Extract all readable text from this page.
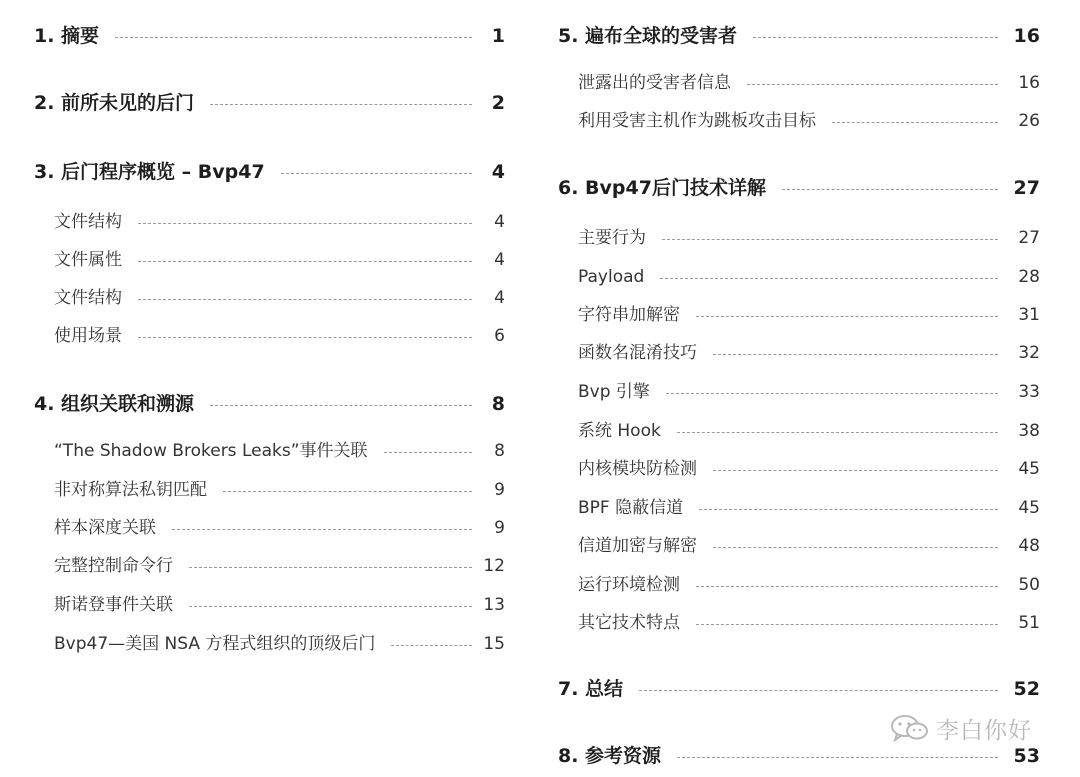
1. 摘要	1
2. 前所未见的后门	2
3. 后门程序概览 – Bvp47	4
文件结构	4
文件属性	4
文件结构	4
使用场景	6
4. 组织关联和溯源	8
“The Shadow Brokers Leaks”事件关联	8
非对称算法私钥匹配	9
样本深度关联	9
完整控制命令行	12
斯诺登事件关联	13
Bvp47—美国 NSA 方程式组织的顶级后门	15
5. 遍布全球的受害者	16
泄露出的受害者信息	16
利用受害主机作为跳板攻击目标	26
6. Bvp47后门技术详解	27
主要行为	27
Payload	28
字符串加解密	31
函数名混淆技巧	32
Bvp 引擎	33
系统 Hook	38
内核模块防检测	45
BPF 隐蔽信道	45
信道加密与解密	48
运行环境检测	50
其它技术特点	51
7. 总结	52
8. 参考资源	53
李白你好
